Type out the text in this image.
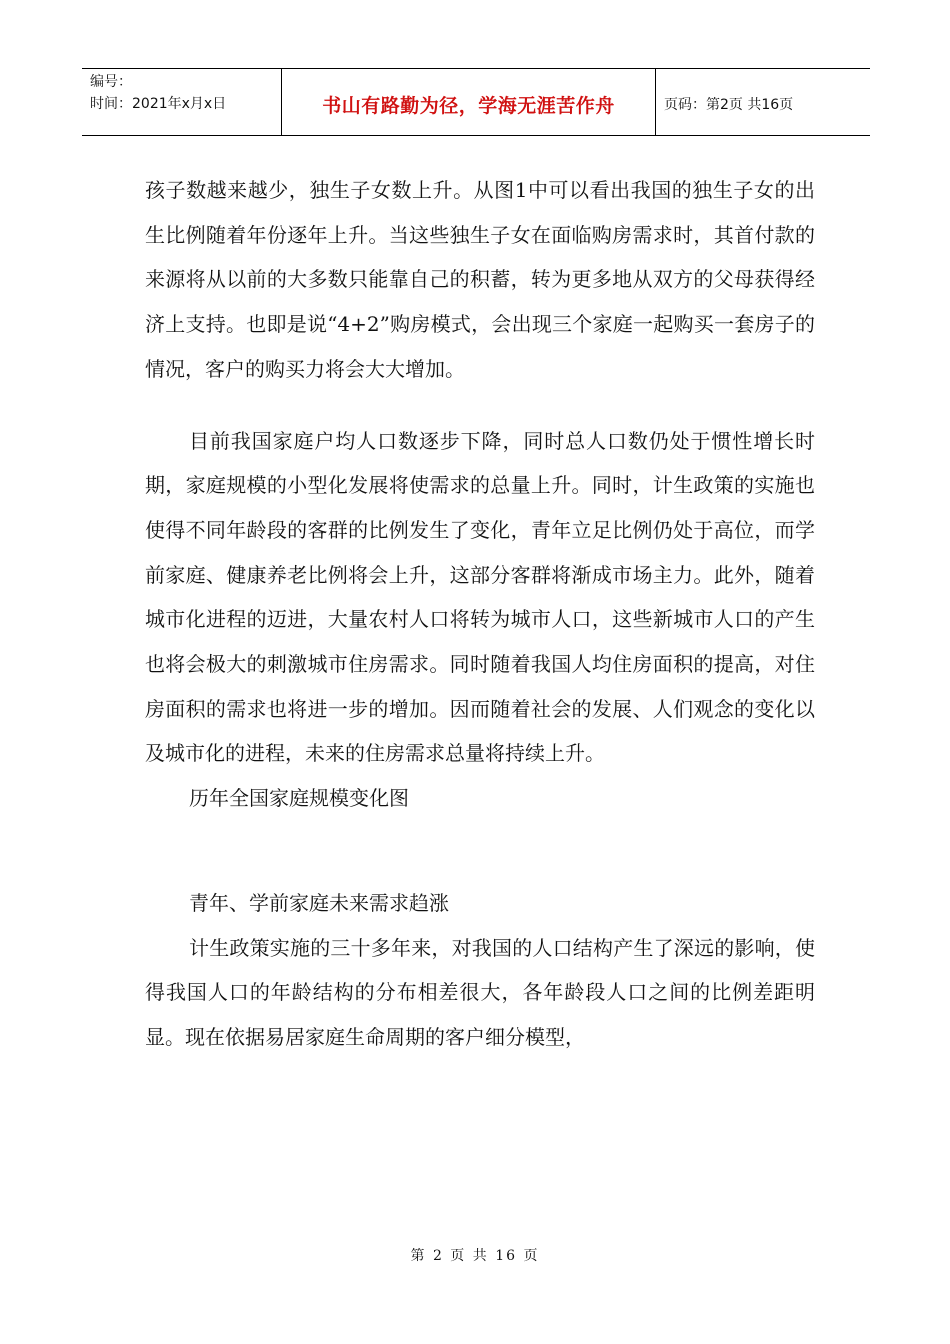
编号：
时间：2021年x月x日	书山有路勤为径，学海无涯苦作舟	页码：第2页 共16页

孩子数越来越少，独生子女数上升。从图1中可以看出我国的独生子女的出生比例随着年份逐年上升。当这些独生子女在面临购房需求时，其首付款的来源将从以前的大多数只能靠自己的积蓄，转为更多地从双方的父母获得经济上支持。也即是说“4+2”购房模式，会出现三个家庭一起购买一套房子的情况，客户的购买力将会大大增加。

目前我国家庭户均人口数逐步下降，同时总人口数仍处于惯性增长时期，家庭规模的小型化发展将使需求的总量上升。同时，计生政策的实施也使得不同年龄段的客群的比例发生了变化，青年立足比例仍处于高位，而学前家庭、健康养老比例将会上升，这部分客群将渐成市场主力。此外，随着城市化进程的迈进，大量农村人口将转为城市人口，这些新城市人口的产生也将会极大的刺激城市住房需求。同时随着我国人均住房面积的提高，对住房面积的需求也将进一步的增加。因而随着社会的发展、人们观念的变化以及城市化的进程，未来的住房需求总量将持续上升。

历年全国家庭规模变化图

青年、学前家庭未来需求趋涨

计生政策实施的三十多年来，对我国的人口结构产生了深远的影响，使得我国人口的年龄结构的分布相差很大，各年龄段人口之间的比例差距明显。现在依据易居家庭生命周期的客户细分模型，

第 2 页 共 16 页
